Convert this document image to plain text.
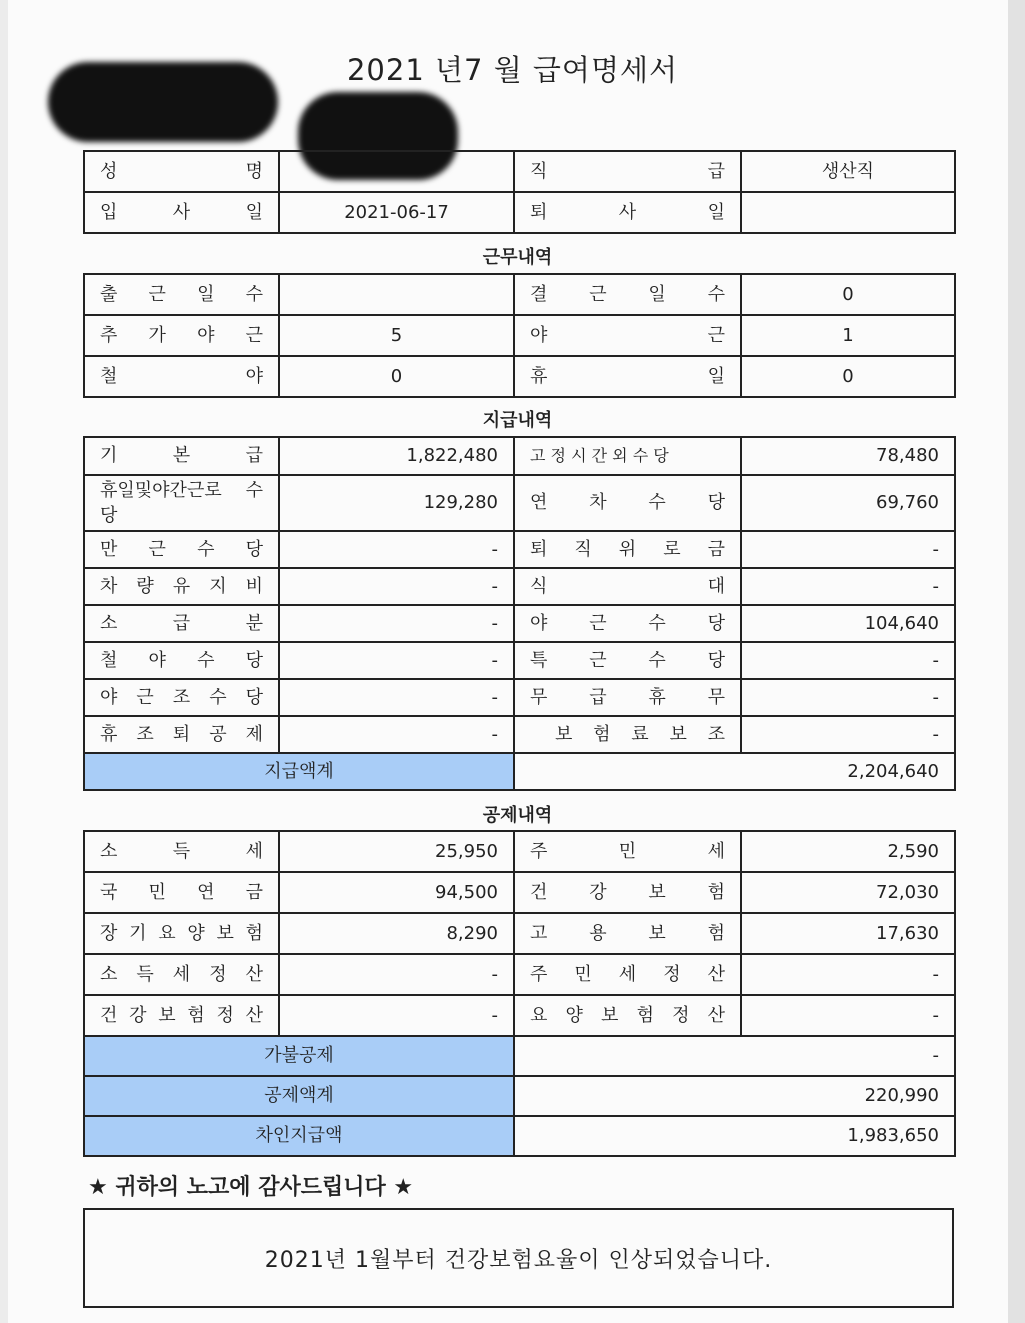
2021 년7 월 급여명세서
성 명		직 급	생산직
입 사 일	2021-06-17	퇴 사 일	
근무내역
출 근 일 수		결 근 일 수	0
추 가 야 근	5	야 근	1
철 야	0	휴 일	0
지급내역
기 본 급	1,822,480	고 정 시 간 외 수 당	78,480
휴일및야간근로 수 당	129,280	연 차 수 당	69,760
만 근 수 당	-	퇴 직 위 로 금	-
차 량 유 지 비	-	식 대	-
소 급 분	-	야 근 수 당	104,640
철 야 수 당	-	특 근 수 당	-
야 근 조 수 당	-	무 급 휴 무	-
휴 조 퇴 공 제	-	보 험 료 보 조	-
지급액계		2,204,640	
공제내역
소 득 세	25,950	주 민 세	2,590
국 민 연 금	94,500	건 강 보 험	72,030
장 기 요 양 보 험	8,290	고 용 보 험	17,630
소 득 세 정 산	-	주 민 세 정 산	-
건 강 보 험 정 산	-	요 양 보 험 정 산	-
가불공제		-	
공제액계		220,990	
차인지급액		1,983,650	
★ 귀하의 노고에 감사드립니다 ★
2021년 1월부터 건강보험요율이 인상되었습니다.
